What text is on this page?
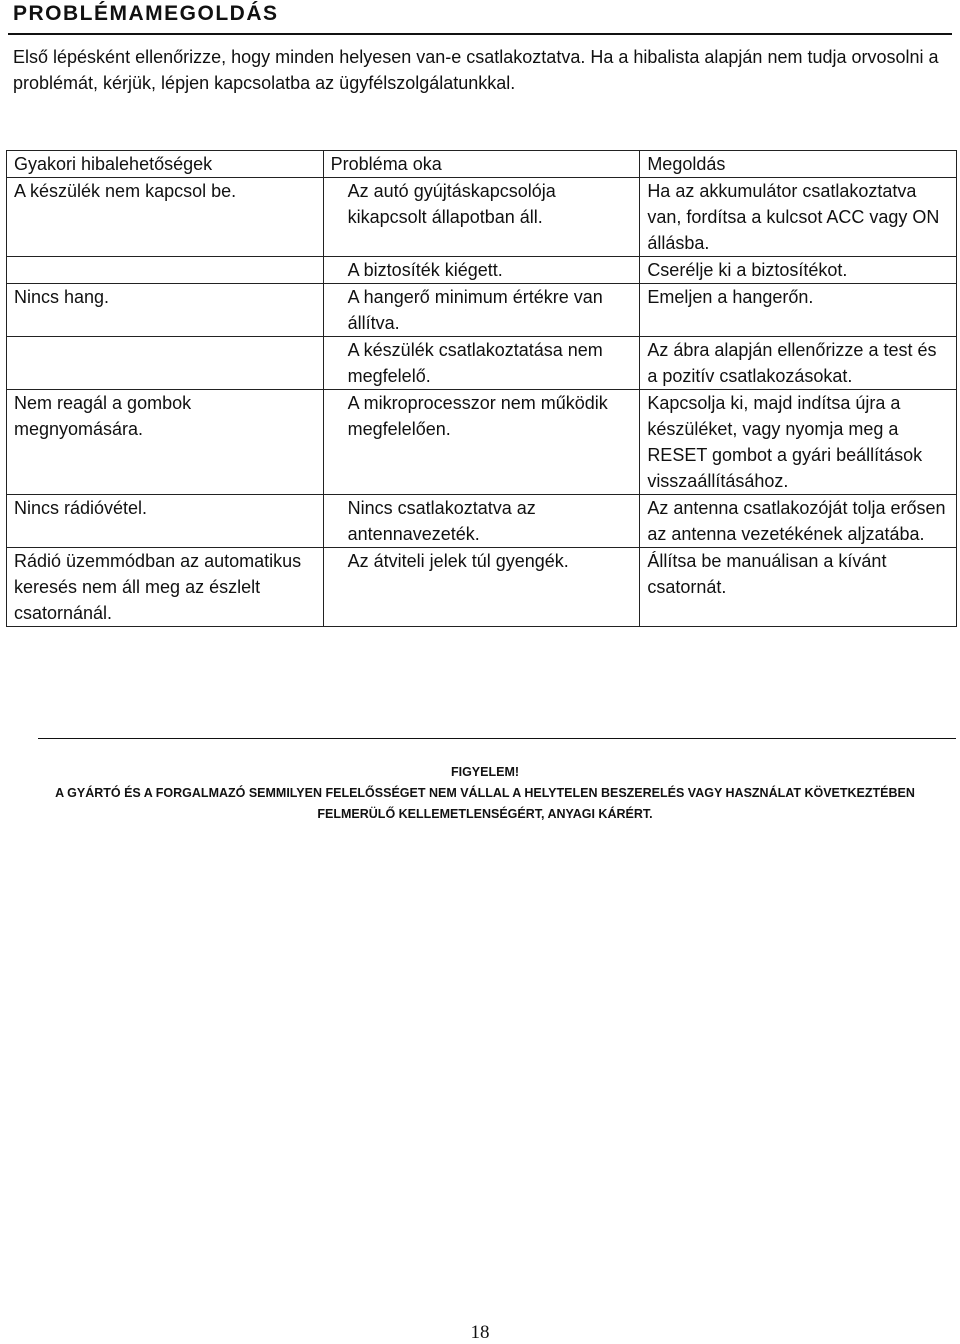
PROBLÉMAMEGOLDÁS
Első lépésként ellenőrizze, hogy minden helyesen van-e csatlakoztatva. Ha a hibalista alapján nem tudja orvosolni a problémát, kérjük, lépjen kapcsolatba az ügyfélszolgálatunkkal.
Gyakori hibalehetőségek	Probléma oka	Megoldás
A készülék nem kapcsol be.	Az autó gyújtáskapcsolója kikapcsolt állapotban áll.	Ha az akkumulátor csatlakoztatva van, fordítsa a kulcsot ACC vagy ON állásba.
	A biztosíték kiégett.	Cserélje ki a biztosítékot.
Nincs hang.	A hangerő minimum értékre van állítva.	Emeljen a hangerőn.
	A készülék csatlakoztatása nem megfelelő.	Az ábra alapján ellenőrizze a test és a pozitív csatlakozásokat.
Nem reagál a gombok megnyomására.	A mikroprocesszor nem működik megfelelően.	Kapcsolja ki, majd indítsa újra a készüléket, vagy nyomja meg a RESET gombot a gyári beállítások visszaállításához.
Nincs rádióvétel.	Nincs csatlakoztatva az antennavezeték.	Az antenna csatlakozóját tolja erősen az antenna vezetékének aljzatába.
Rádió üzemmódban az automatikus keresés nem áll meg az észlelt csatornánál.	Az átviteli jelek túl gyengék.	Állítsa be manuálisan a kívánt csatornát.
FIGYELEM!
A GYÁRTÓ ÉS A FORGALMAZÓ SEMMILYEN FELELŐSSÉGET NEM VÁLLAL A HELYTELEN BESZERELÉS VAGY HASZNÁLAT KÖVETKEZTÉBEN FELMERÜLŐ KELLEMETLENSÉGÉRT, ANYAGI KÁRÉRT.
18
